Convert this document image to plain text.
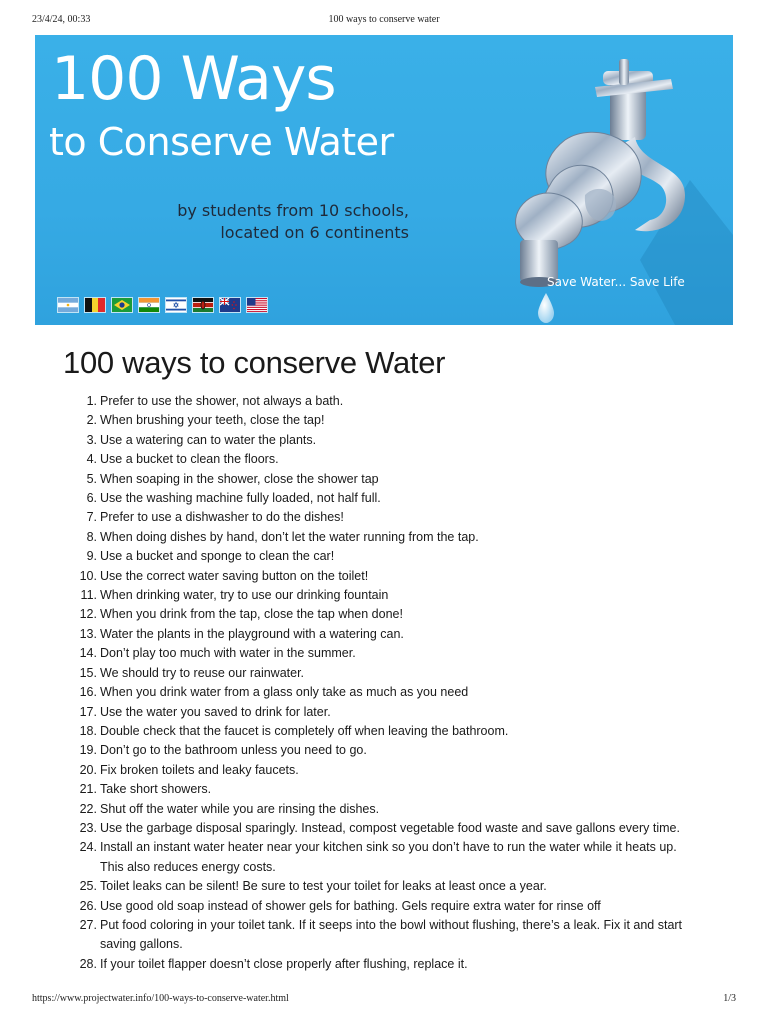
23/4/24, 00:33	100 ways to conserve water
100 Ways
to Conserve Water
by students from 10 schools,
located on 6 continents
Save Water... Save Life
100 ways to conserve Water
1. Prefer to use the shower, not always a bath.
2. When brushing your teeth, close the tap!
3. Use a watering can to water the plants.
4. Use a bucket to clean the floors.
5. When soaping in the shower, close the shower tap
6. Use the washing machine fully loaded, not half full.
7. Prefer to use a dishwasher to do the dishes!
8. When doing dishes by hand, don’t let the water running from the tap.
9. Use a bucket and sponge to clean the car!
10. Use the correct water saving button on the toilet!
11. When drinking water, try to use our drinking fountain
12. When you drink from the tap, close the tap when done!
13. Water the plants in the playground with a watering can.
14. Don’t play too much with water in the summer.
15. We should try to reuse our rainwater.
16. When you drink water from a glass only take as much as you need
17. Use the water you saved to drink for later.
18. Double check that the faucet is completely off when leaving the bathroom.
19. Don’t go to the bathroom unless you need to go.
20. Fix broken toilets and leaky faucets.
21. Take short showers.
22. Shut off the water while you are rinsing the dishes.
23. Use the garbage disposal sparingly. Instead, compost vegetable food waste and save gallons every time.
24. Install an instant water heater near your kitchen sink so you don’t have to run the water while it heats up.
This also reduces energy costs.
25. Toilet leaks can be silent! Be sure to test your toilet for leaks at least once a year.
26. Use good old soap instead of shower gels for bathing. Gels require extra water for rinse off
27. Put food coloring in your toilet tank. If it seeps into the bowl without flushing, there’s a leak. Fix it and start
saving gallons.
28. If your toilet flapper doesn’t close properly after flushing, replace it.
https://www.projectwater.info/100-ways-to-conserve-water.html	1/3
